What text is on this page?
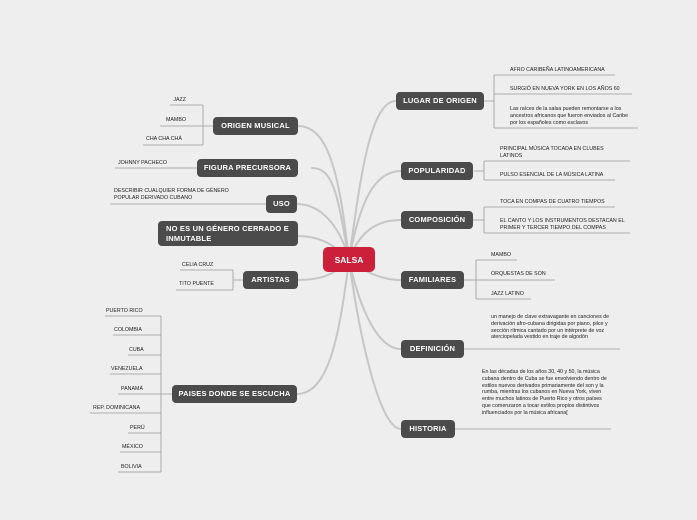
SALSA
ORIGEN MUSICAL
FIGURA PRECURSORA
USO
NO ES UN GÉNERO CERRADO E INMUTABLE
ARTISTAS
PAISES DONDE SE ESCUCHA
LUGAR DE ORIGEN
POPULARIDAD
COMPOSICIÓN
FAMILIARES
DEFINICIÓN
HISTORIA
JAZZ
MAMBO
CHA CHA CHÁ
JOHNNY PACHECO
DESCRIBIR CUALQUIER FORMA DE GÉNERO POPULAR DERIVADO CUBANO
CELIA CRUZ
TITO PUENTE
PUERTO RICO
COLOMBIA
CUBA
VENEZUELA
PANAMÁ
REP. DOMINICANA
PERÚ
MÉXICO
BOLIVIA
AFRO CARIBEÑA LATINOAMERICANA
SURGIÓ EN NUEVA YORK EN LOS AÑOS 60
Las raíces de la salsa pueden remontarse a los ancestros africanos que fueron enviados al Caribe por los españoles como esclavos
PRINCIPAL MÚSICA TOCADA EN CLUBES LATINOS
PULSO ESENCIAL DE LA MÚSICA LATINA
TOCA EN COMPAS DE CUATRO TIEMPOS
EL CANTO Y LOS INSTRUMENTOS DESTACAN EL PRIMER Y TERCER TIEMPO DEL COMPAS
MAMBO
ORQUESTAS DE SON
JAZZ LATINO
un manejo de clave extravagante en canciones de derivación afro-cubana dirigidas por piano, pilce y sección rítmica cantado por un intérprete de voz aterciopelada vestido en traje de algodón
En las décadas de los años 30, 40 y 50, la música cubana dentro de Cuba se fue envolviendo dentro de estilos nuevos derivados primariamente del son y la rumba, mientras los cubanos en Nueva York, viven entre muchos latinos de Puerto Rico y otros países que comenzaron a tocar estilos propios distintivos influenciados por la música africana[
